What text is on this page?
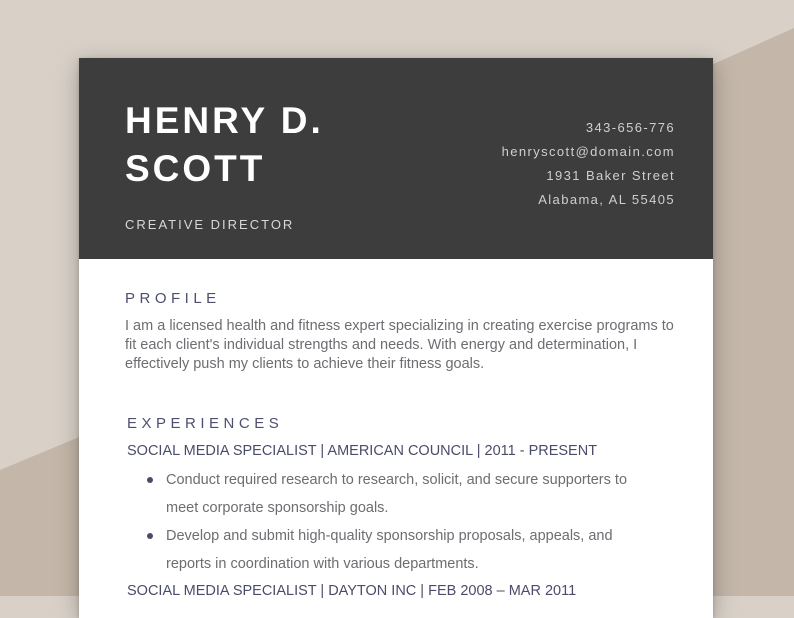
HENRY D.
SCOTT
CREATIVE DIRECTOR
343-656-776
henryscott@domain.com
1931 Baker Street
Alabama, AL 55405
PROFILE
I am a licensed health and fitness expert specializing in creating exercise programs to fit each client's individual strengths and needs. With energy and determination, I effectively push my clients to achieve their fitness goals.
EXPERIENCES
SOCIAL MEDIA SPECIALIST | AMERICAN COUNCIL | 2011 - PRESENT
Conduct required research to research, solicit, and secure supporters to meet corporate sponsorship goals.
Develop and submit high-quality sponsorship proposals, appeals, and reports in coordination with various departments.
SOCIAL MEDIA SPECIALIST | DAYTON INC | FEB 2008 – MAR 2011
